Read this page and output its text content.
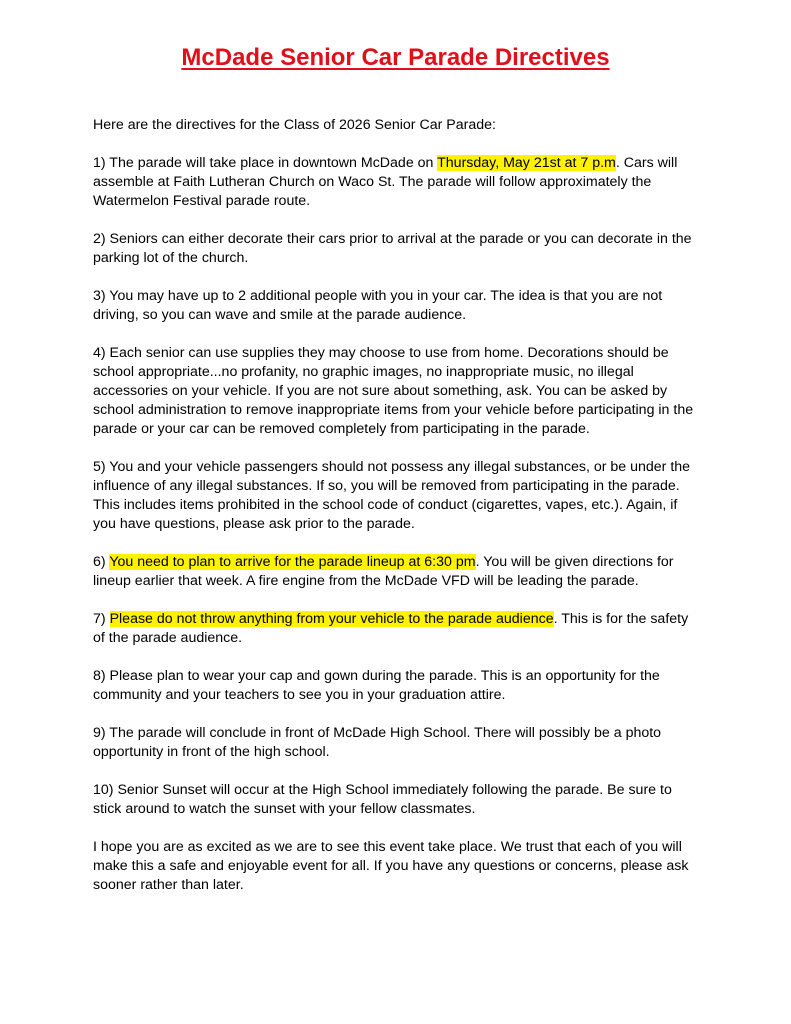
McDade Senior Car Parade Directives

Here are the directives for the Class of 2026 Senior Car Parade:

1) The parade will take place in downtown McDade on Thursday, May 21st at 7 p.m. Cars will assemble at Faith Lutheran Church on Waco St. The parade will follow approximately the Watermelon Festival parade route.

2) Seniors can either decorate their cars prior to arrival at the parade or you can decorate in the parking lot of the church.

3) You may have up to 2 additional people with you in your car. The idea is that you are not driving, so you can wave and smile at the parade audience.

4) Each senior can use supplies they may choose to use from home. Decorations should be school appropriate...no profanity, no graphic images, no inappropriate music, no illegal accessories on your vehicle. If you are not sure about something, ask. You can be asked by school administration to remove inappropriate items from your vehicle before participating in the parade or your car can be removed completely from participating in the parade.

5) You and your vehicle passengers should not possess any illegal substances, or be under the influence of any illegal substances. If so, you will be removed from participating in the parade. This includes items prohibited in the school code of conduct (cigarettes, vapes, etc.). Again, if you have questions, please ask prior to the parade.

6) You need to plan to arrive for the parade lineup at 6:30 pm. You will be given directions for lineup earlier that week. A fire engine from the McDade VFD will be leading the parade.

7) Please do not throw anything from your vehicle to the parade audience. This is for the safety of the parade audience.

8) Please plan to wear your cap and gown during the parade. This is an opportunity for the community and your teachers to see you in your graduation attire.

9) The parade will conclude in front of McDade High School. There will possibly be a photo opportunity in front of the high school.

10) Senior Sunset will occur at the High School immediately following the parade. Be sure to stick around to watch the sunset with your fellow classmates.

I hope you are as excited as we are to see this event take place. We trust that each of you will make this a safe and enjoyable event for all. If you have any questions or concerns, please ask sooner rather than later.
